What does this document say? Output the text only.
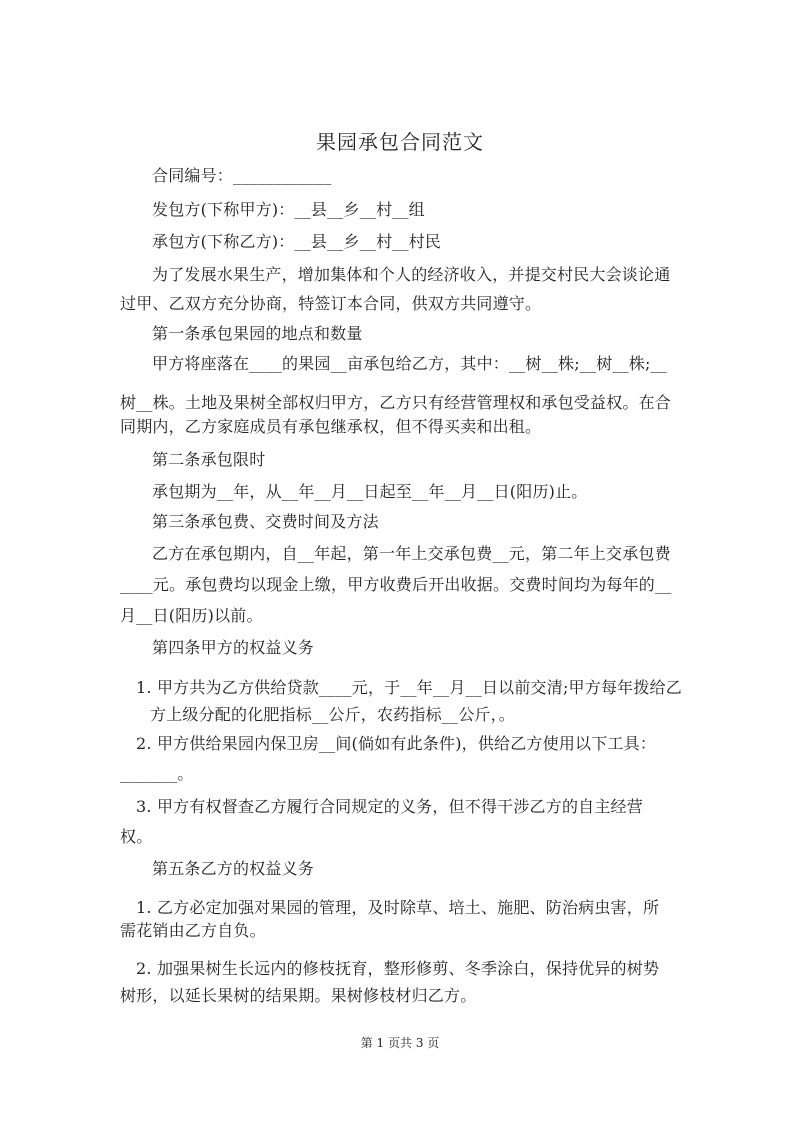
果园承包合同范文
合同编号：____________
发包方(下称甲方)：__县__乡__村__组
承包方(下称乙方)：__县__乡__村__村民
为了发展水果生产，增加集体和个人的经济收入，并提交村民大会谈论通
过甲、乙双方充分协商，特签订本合同，供双方共同遵守。
第一条承包果园的地点和数量
甲方将座落在____的果园__亩承包给乙方，其中：__树__株;__树__株;__
树__株。土地及果树全部权归甲方，乙方只有经营管理权和承包受益权。在合
同期内，乙方家庭成员有承包继承权，但不得买卖和出租。
第二条承包限时
承包期为__年，从__年__月__日起至__年__月__日(阳历)止。
第三条承包费、交费时间及方法
乙方在承包期内，自__年起，第一年上交承包费__元，第二年上交承包费
____元。承包费均以现金上缴，甲方收费后开出收据。交费时间均为每年的__
月__日(阳历)以前。
第四条甲方的权益义务
1. 甲方共为乙方供给贷款____元，于__年__月__日以前交清;甲方每年拨给乙
方上级分配的化肥指标__公斤，农药指标__公斤，。
2. 甲方供给果园内保卫房__间(倘如有此条件)，供给乙方使用以下工具：
_______。
3. 甲方有权督查乙方履行合同规定的义务，但不得干涉乙方的自主经营
权。
第五条乙方的权益义务
1. 乙方必定加强对果园的管理，及时除草、培土、施肥、防治病虫害，所
需花销由乙方自负。
2. 加强果树生长远内的修枝抚育，整形修剪、冬季涂白，保持优异的树势
树形，以延长果树的结果期。果树修枝材归乙方。
第 1 页共 3 页
